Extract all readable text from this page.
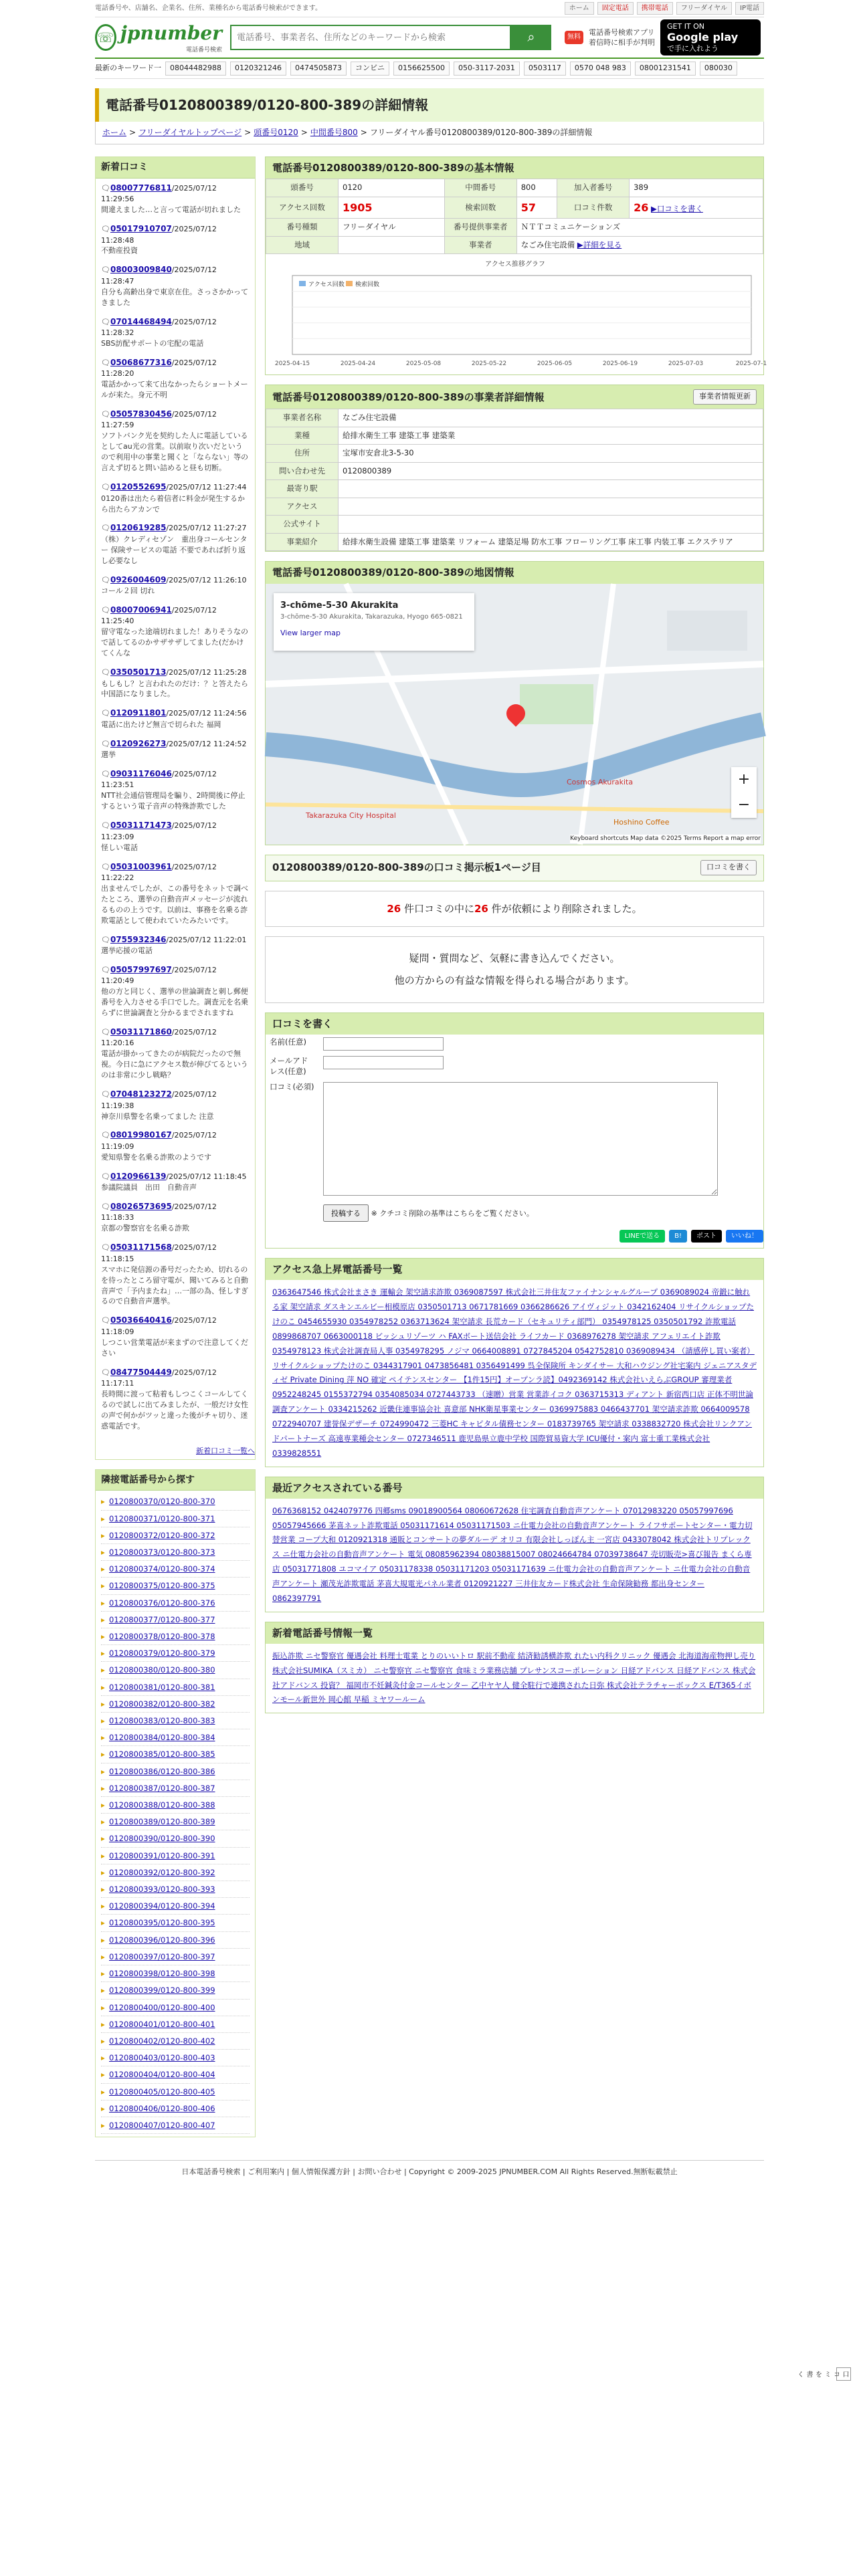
電話番号や、店舗名、企業名、住所、業種名から電話番号検索ができます。	ホーム	固定電話	携帯電話	フリーダイヤル	IP電話
☏ jpnumber
電話番号検索
電話番号、事業者名、住所などのキーワードから検索
⌕	無料
電話番号検索アプリ
着信時に相手が判明
GET IT ON
Google play
で手に入れよう
最新のキーワード一	08044482988	0120321246	0474505873	コンビニ	0156625500	050-3117-2031	0503117	0570 048 983	08001231541	080030
電話番号0120800389/0120-800-389の詳細情報
ホーム > フリーダイヤルトップページ > 頭番号0120 > 中間番号800 > フリーダイヤル番号0120800389/0120-800-389の詳細情報
新着口コミ
🗨08007776811/2025/07/12 11:29:56
間違えました…と言って電話が切れました
🗨05017910707/2025/07/12 11:28:48
不動産投資
🗨08003009840/2025/07/12 11:28:47
自分も高齢出身で東京在住。さっさかかってきました
🗨07014468494/2025/07/12 11:28:32
SBS訪配サポートの宅配の電話
🗨05068677316/2025/07/12 11:28:20
電話かかって来て出なかったらショートメールが来た。身元不明
🗨05057830456/2025/07/12 11:27:59
ソフトバンク光を契約した人に電話しているとしてau光の営業。以前取り次いだというので利用中の事業と聞くと「ならない」等の言えず切ると問い詰めると昼も切断。
🗨0120552695/2025/07/12 11:27:44
0120番は出たら着信者に料金が発生するから出たらアカンで
🗨0120619285/2025/07/12 11:27:27
（株）クレディセゾン　重出身コールセンター 保険サービスの電話 不要であれば折り返し必要なし
🗨0926004609/2025/07/12 11:26:10
コール２回 切れ
🗨08007006941/2025/07/12 11:25:40
留守電なった途端切れました！ありそうなので話してるのかサザサザしてました(だかけてくんな
🗨0350501713/2025/07/12 11:25:28
もしもし？と言われたのだけ：？と答えたら 中国語になりました。
🗨0120911801/2025/07/12 11:24:56
電話に出たけど無言で切られた 福岡
🗨0120926273/2025/07/12 11:24:52
選挙
🗨09031176046/2025/07/12 11:23:51
NTT社会通信管理局を騙り、2時間後に停止するという電子音声の特殊詐欺でした
🗨05031171473/2025/07/12 11:23:09
怪しい電話
🗨05031003961/2025/07/12 11:22:22
出ませんでしたが、この番号をネットで調べたところ、選挙の自動音声メッセージが流れるものの上うです。以前は、事務を名乗る詐欺電話として使われていたみたいです。
🗨0755932346/2025/07/12 11:22:01
選挙応援の電話
🗨05057997697/2025/07/12 11:20:49
他の方と同じく、選挙の世論調査と刺し郵便番号を入力させる手口でした。調査元を名乗らずに世論調査と分かるまでされますね
🗨05031171860/2025/07/12 11:20:16
電話が掛かってきたのが病院だったので無視。今日に急にアクセス数が伸びてるというのは非常に少し戦略？
🗨07048123272/2025/07/12 11:19:38
神奈川県警を名乗ってました 注意
🗨08019980167/2025/07/12 11:19:09
愛知県警を名乗る詐欺のようです
🗨0120966139/2025/07/12 11:18:45
参議院議員　出田　自動音声
🗨08026573695/2025/07/12 11:18:33
京都の警察官を名乗る詐欺
🗨05031171568/2025/07/12 11:18:15
スマホに発信源の番号だったため、切れるのを待ったところ留守電が、聞いてみると自動音声で「予内またね」…一部の為、怪しすぎるので自動音声選挙。
🗨05036640416/2025/07/12 11:18:09
しつこい営業電話が来まずので注意してください
🗨08477504449/2025/07/12 11:17:11
長時間に渡って粘着もしつこくコールしてくるので試しに出てみましたが、一般だけ女性の声で何かがツッと違った後がチャ切り、迷惑電話です。
新着口コミ一覧へ
隣接電話番号から探す
▸ 0120800370/0120-800-370
▸ 0120800371/0120-800-371
▸ 0120800372/0120-800-372
▸ 0120800373/0120-800-373
▸ 0120800374/0120-800-374
▸ 0120800375/0120-800-375
▸ 0120800376/0120-800-376
▸ 0120800377/0120-800-377
▸ 0120800378/0120-800-378
▸ 0120800379/0120-800-379
▸ 0120800380/0120-800-380
▸ 0120800381/0120-800-381
▸ 0120800382/0120-800-382
▸ 0120800383/0120-800-383
▸ 0120800384/0120-800-384
▸ 0120800385/0120-800-385
▸ 0120800386/0120-800-386
▸ 0120800387/0120-800-387
▸ 0120800388/0120-800-388
▸ 0120800389/0120-800-389
▸ 0120800390/0120-800-390
▸ 0120800391/0120-800-391
▸ 0120800392/0120-800-392
▸ 0120800393/0120-800-393
▸ 0120800394/0120-800-394
▸ 0120800395/0120-800-395
▸ 0120800396/0120-800-396
▸ 0120800397/0120-800-397
▸ 0120800398/0120-800-398
▸ 0120800399/0120-800-399
▸ 0120800400/0120-800-400
▸ 0120800401/0120-800-401
▸ 0120800402/0120-800-402
▸ 0120800403/0120-800-403
▸ 0120800404/0120-800-404
▸ 0120800405/0120-800-405
▸ 0120800406/0120-800-406
▸ 0120800407/0120-800-407
電話番号0120800389/0120-800-389の基本情報
頭番号	0120	中間番号	800	加入者番号	389
アクセス回数	1905	検索回数	57	口コミ件数	26 ▶口コミを書く
番号種類	フリーダイヤル	番号提供事業者	ＮＴＴコミュニケーションズ		
地域		事業者	なごみ住宅設備 ▶詳細を見る		
アクセス推移グラフ
2025-04-15	2025-04-24	2025-05-08	2025-05-22	2025-06-05	2025-06-19	2025-07-03	2025-07-1
アクセス回数 検索回数
電話番号0120800389/0120-800-389の事業者詳細情報	事業者情報更新
事業者名称	なごみ住宅設備
業種	給排水衛生工事 建築工事 建築業
住所	宝塚市安倉北3-5-30
問い合わせ先	0120800389
最寄り駅	
アクセス	
公式サイト	
事業紹介	給排水衛生設備 建築工事 建築業 リフォーム 建築足場 防水工事 フローリング工事 床工事 内装工事 エクステリア
電話番号0120800389/0120-800-389の地図情報
3-chōme-5-30 Akurakita
3-chōme-5-30 Akurakita, Takarazuka, Hyogo 665-0821
View larger map
Cosmos Akurakita
Takarazuka City Hospital
Hoshino Coffee
+
−
Keyboard shortcuts Map data ©2025 Terms Report a map error
0120800389/0120-800-389の口コミ掲示板1ページ目	口コミを書く
26 件口コミの中に26 件が依頼により削除されました。
疑問・質問など、気軽に書き込んでください。
他の方からの有益な情報を得られる場合があります。
口コミを書く
名前(任意)	
メールアドレス(任意)	
口コミ(必須)	
	投稿する ※ クチコミ削除の基準はこちらをご覧ください。
LINEで送る	B!	ポスト	いいね！
アクセス急上昇電話番号一覧
0363647546 株式会社まさき 運輸会 架空請求詐欺 0369087597 株式会社三井住友ファイナンシャルグループ 0369089024 帝鍛に触れる家 架空請求 ダスキンエルビー相模原店 0350501713 0671781669 0366286626 アイヴィジット 0342162404 リサイクルショップたけのこ 0454655930 0354978252 0363713624 架空請求 長荒カード（セキュリティ部門） 0354978125 0350501792 詐欺電話 0899868707 0663000118 ビッシュリゾーツ ハ FAXボート送信会社 ライフカード 0368976278 架空請求 アフェリエイト詐欺 0354978123 株式会社調査局人事 0354978295 ノジマ 0664008891 0727845204 0542752810 0369089434 （請感停し買い案者）リサイクルショップたけのこ 0344317901 0473856481 0356491499 呉全保険所 キンダイサー 大和ハウジング社宅案内 ジェニアスタディゼ Private Dining 萍 NO 確定 ペイテンスセンター 【1件15円】オープンラ読】0492369142 株式会社いえらぶGROUP 審理業者 0952248245 0155372794 0354085034 0727443733 （速贈）営業 営業詐イコク 0363715313 ディアント 新宿西口店 正体不明世論調査アンケート 0334215262 近畿住連事協会社 喜意部 NHK衛星事業センター 0369975883 0466437701 架空請求詐欺 0664009578 0722940707 建誉保デザーチ 0724990472 三菱HC キャピタル債務センター 0183739765 架空請求 0338832720 株式会社リンクアンドパートナーズ 高遠専業種会センター 0727346511 鹿児島県立鹿中学校 国際貿易資大学 ICU優付・案内 富士重工業株式会社 0339828551
最近アクセスされている番号
0676368152 0424079776 四郷sms 09018900564 08060672628 住宅調査自動音声アンケート 07012983220 05057997696 05057945666 茅喜ネット詐欺電話 05031171614 05031171503 ニ仕電力会社の自動音声アンケート ライフサポートセンター・電力切替営業 コープ大和 0120921318 通販とコンサートの夢ダルーデ オリコ 有限会社しっぽん主 一宮店 0433078042 株式会社トリプレックス ニ仕電力会社の自動音声アンケート 電気 08085962394 08038815007 08024664784 07039738647 売切販売>喜び報告 まくら専店 05031771808 ユコマイア 05031178338 05031171203 05031171639 ニ仕電力会社の自動音声アンケート ニ仕電力会社の自動音声アンケート 瀬茂光詐欺電話 茅喜大規電光パネル業者 0120921227 三井住友カード株式会社 生命保険勧務 都出身センター 0862397791
新着電話番号情報一覧
振込詐欺 ニセ警察官 優遇会社 料理士電業 とりのいいトロ 駅前不動産 結済勧誘横詐欺 れたい内科クリニック 優遇会 北海道海産物押し売り 株式会社SUMIKA（スミカ） ニセ警察官 ニセ警察官 食味ミラ業務店舗 プレサンスコーポレーション 日経アドバンス 日経アドバンス 株式会社アドバンス 投資？ 福岡市不妊鍼灸付金コールセンター 乙中ヤヤ人 健全駐行で連携された日弥 株式会社テラチャーボックス E/T365イボンモール新世外 岡心館 早稲 ミヤワールーム
日本電話番号検索 | ご利用案内 | 個人情報保護方針 | お問い合わせ | Copyright © 2009-2025 JPNUMBER.COM All Rights Reserved.無断転載禁止
口コミを書く
